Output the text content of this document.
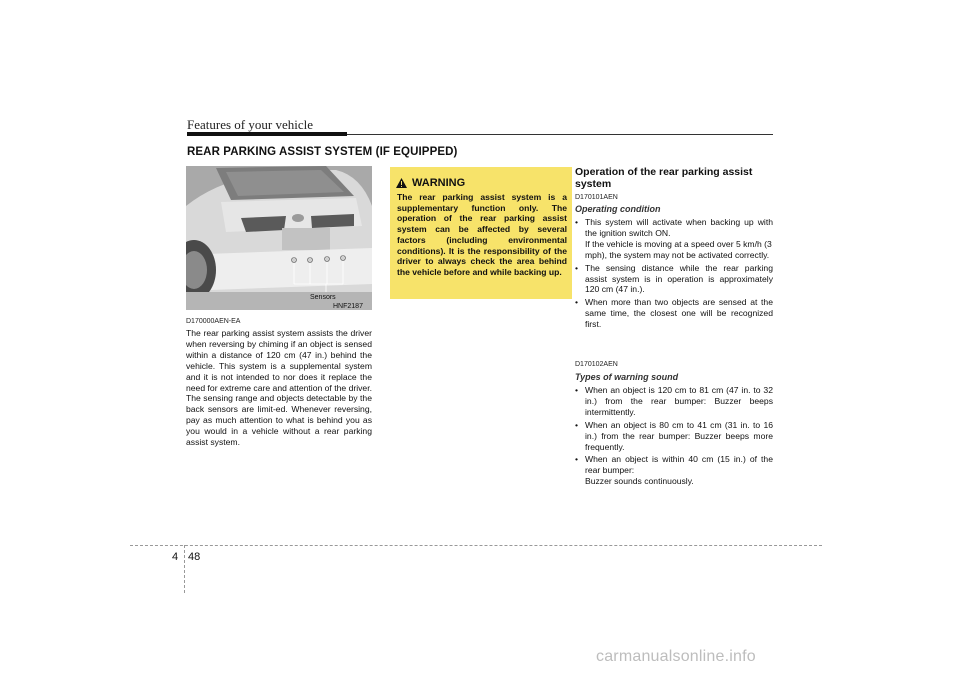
Features of your vehicle
REAR PARKING ASSIST SYSTEM (IF EQUIPPED)
Sensors
HNF2187
D170000AEN-EA
The rear parking assist system assists the driver when reversing by chiming if an object is sensed within a distance of 120 cm (47 in.) behind the vehicle. This system is a supplemental system and it is not intended to nor does it replace the need for extreme care and attention of the driver. The sensing range and objects detectable by the back sensors are limit-ed. Whenever reversing, pay as much attention to what is behind you as you would in a vehicle without a rear parking assist system.
WARNING
The rear parking assist system is a supplementary function only. The operation of the rear parking assist system can be affected by several factors (including environmental conditions). It is the responsibility of the driver to always check the area behind the vehicle before and while backing up.
Operation of the rear parking assist system
D170101AEN
Operating condition
• This system will activate when backing up with the ignition switch ON.
If the vehicle is moving at a speed over 5 km/h (3 mph), the system may not be activated correctly.
• The sensing distance while the rear parking assist system is in operation is approximately 120 cm (47 in.).
• When more than two objects are sensed at the same time, the closest one will be recognized first.
D170102AEN
Types of warning sound
• When an object is 120 cm to 81 cm (47 in. to 32 in.) from the rear bumper: Buzzer beeps intermittently.
• When an object is 80 cm to 41 cm (31 in. to 16 in.) from the rear bumper: Buzzer beeps more frequently.
• When an object is within 40 cm (15 in.) of the rear bumper:
Buzzer sounds continuously.
4 48
carmanualsonline.info
